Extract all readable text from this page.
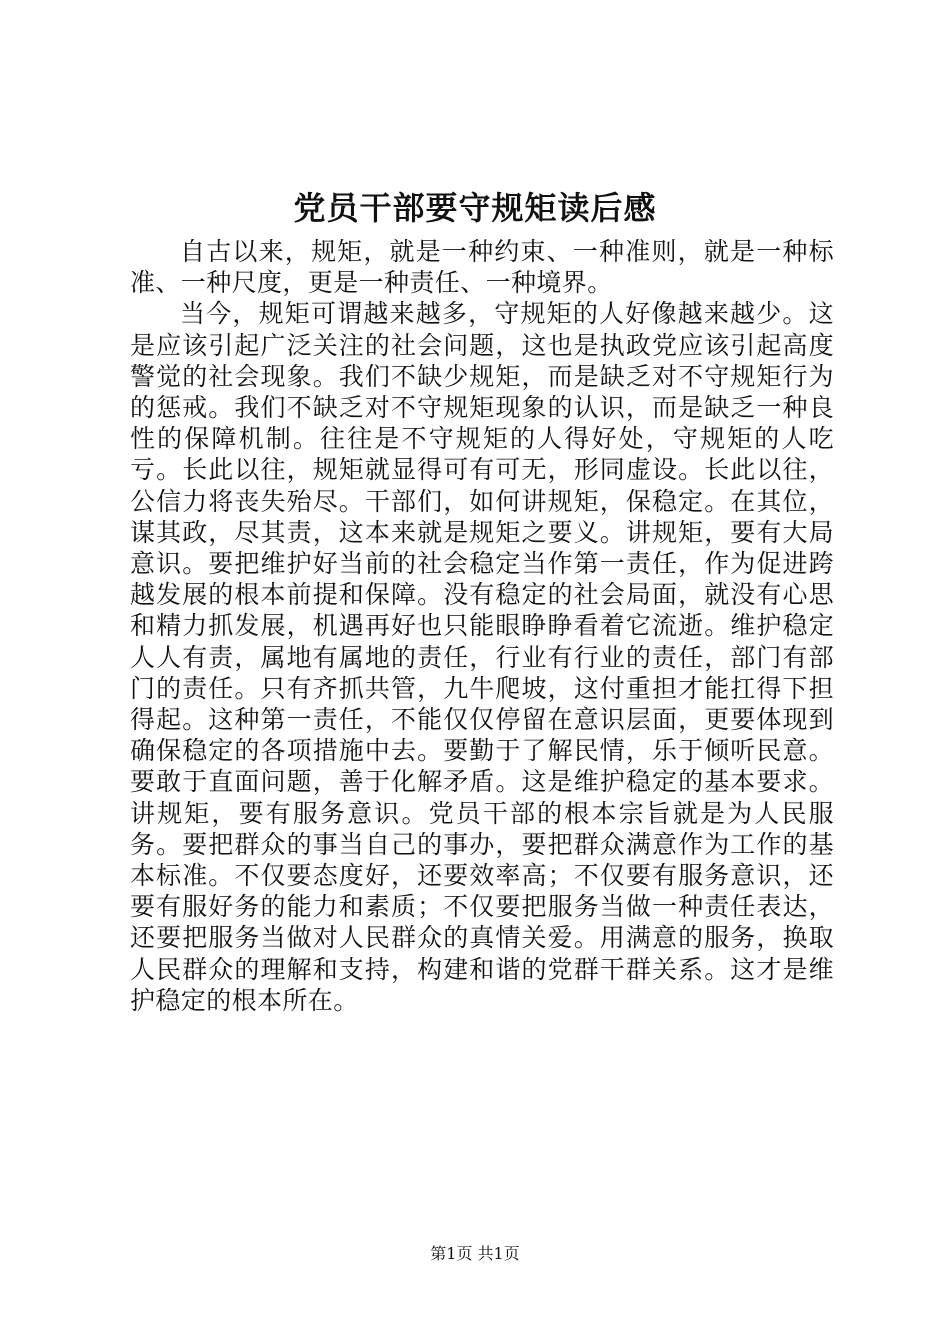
党员干部要守规矩读后感

自古以来，规矩，就是一种约束、一种准则，就是一种标准、一种尺度，更是一种责任、一种境界。

当今，规矩可谓越来越多，守规矩的人好像越来越少。这是应该引起广泛关注的社会问题，这也是执政党应该引起高度警觉的社会现象。我们不缺少规矩，而是缺乏对不守规矩行为的惩戒。我们不缺乏对不守规矩现象的认识，而是缺乏一种良性的保障机制。往往是不守规矩的人得好处，守规矩的人吃亏。长此以往，规矩就显得可有可无，形同虚设。长此以往，公信力将丧失殆尽。干部们，如何讲规矩，保稳定。在其位，谋其政，尽其责，这本来就是规矩之要义。讲规矩，要有大局意识。要把维护好当前的社会稳定当作第一责任，作为促进跨越发展的根本前提和保障。没有稳定的社会局面，就没有心思和精力抓发展，机遇再好也只能眼睁睁看着它流逝。维护稳定人人有责，属地有属地的责任，行业有行业的责任，部门有部门的责任。只有齐抓共管，九牛爬坡，这付重担才能扛得下担得起。这种第一责任，不能仅仅停留在意识层面，更要体现到确保稳定的各项措施中去。要勤于了解民情，乐于倾听民意。要敢于直面问题，善于化解矛盾。这是维护稳定的基本要求。讲规矩，要有服务意识。党员干部的根本宗旨就是为人民服务。要把群众的事当自己的事办，要把群众满意作为工作的基本标准。不仅要态度好，还要效率高；不仅要有服务意识，还要有服好务的能力和素质；不仅要把服务当做一种责任表达，还要把服务当做对人民群众的真情关爱。用满意的服务，换取人民群众的理解和支持，构建和谐的党群干群关系。这才是维护稳定的根本所在。

第1页 共1页
